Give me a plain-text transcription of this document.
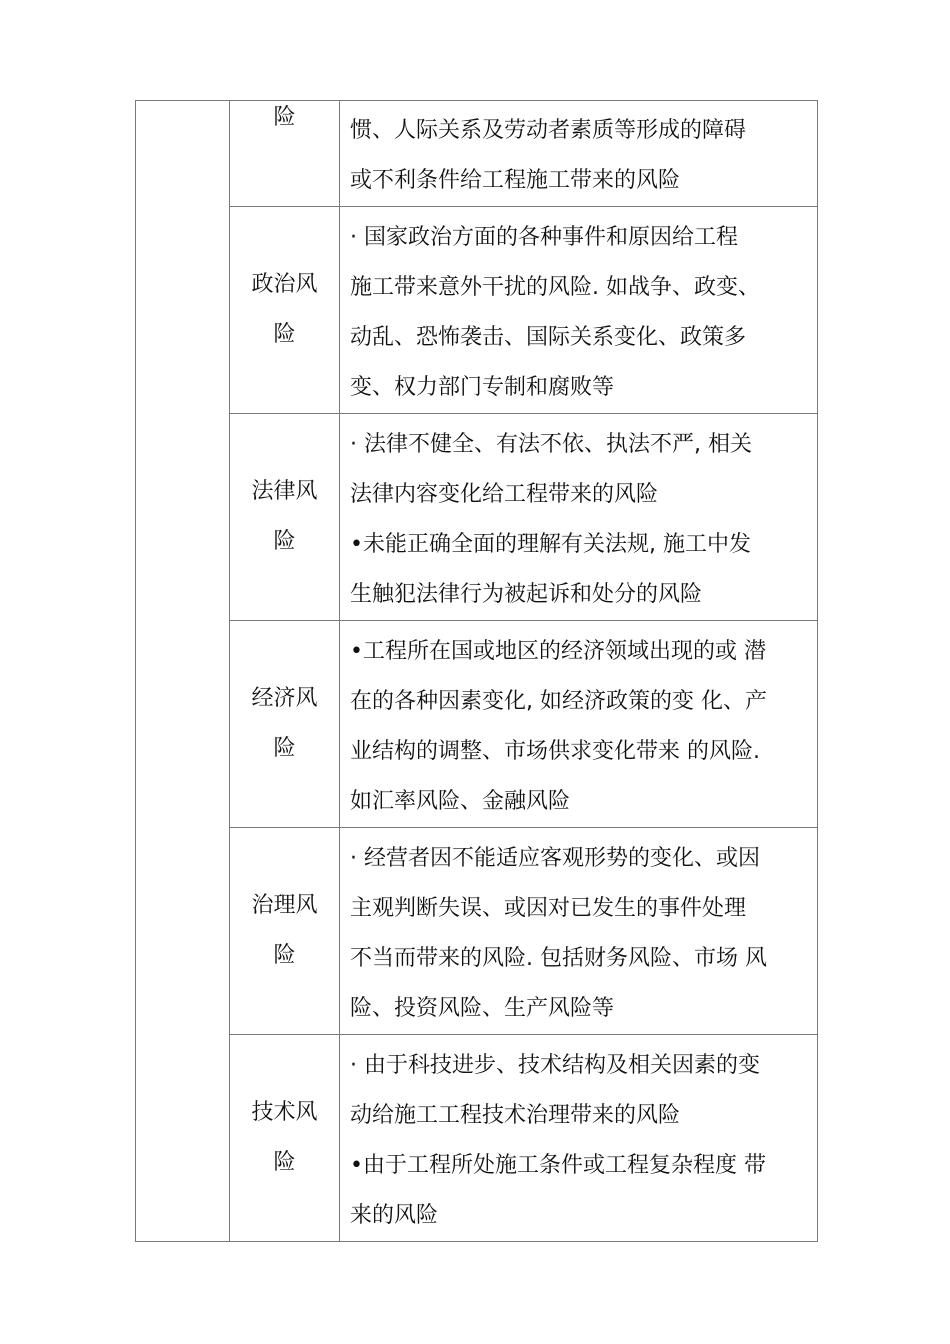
	险	惯、人际关系及劳动者素质等形成的障碍
或不利条件给工程施工带来的风险

	政治风
险	· 国家政治方面的各种事件和原因给工程
施工带来意外干扰的风险. 如战争、政变、
动乱、恐怖袭击、国际关系变化、政策多
变、权力部门专制和腐败等

	法律风
险	· 法律不健全、有法不依、执法不严, 相关
法律内容变化给工程带来的风险
•未能正确全面的理解有关法规, 施工中发
生触犯法律行为被起诉和处分的风险

	经济风
险	•工程所在国或地区的经济领域出现的或 潜
在的各种因素变化, 如经济政策的变 化、产
业结构的调整、市场供求变化带来 的风险.
如汇率风险、金融风险

	治理风
险	· 经营者因不能适应客观形势的变化、或因
主观判断失误、或因对已发生的事件处理
不当而带来的风险. 包括财务风险、市场 风
险、投资风险、生产风险等

	技术风
险	· 由于科技进步、技术结构及相关因素的变
动给施工工程技术治理带来的风险
•由于工程所处施工条件或工程复杂程度 带
来的风险
